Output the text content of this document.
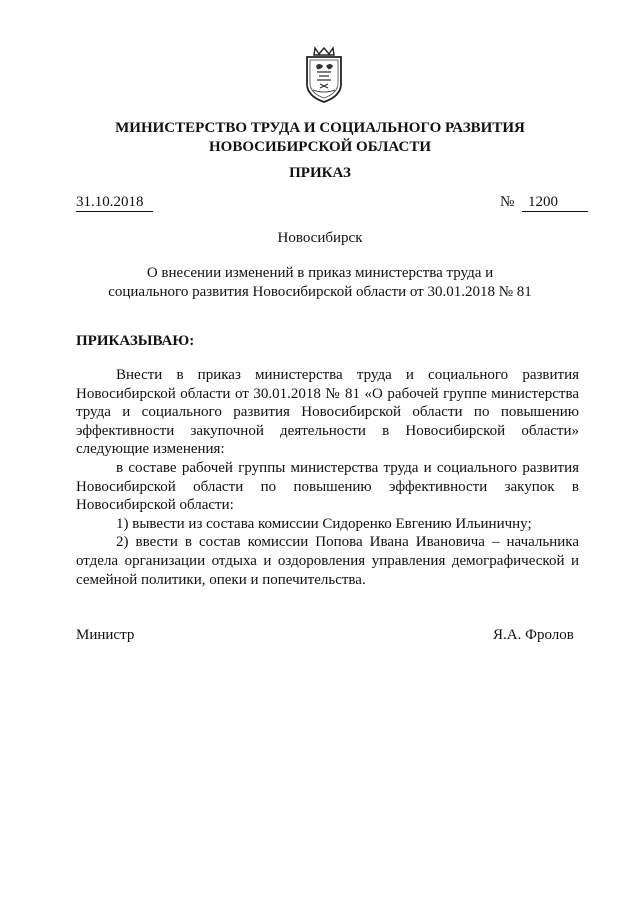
МИНИСТЕРСТВО ТРУДА И СОЦИАЛЬНОГО РАЗВИТИЯ
НОВОСИБИРСКОЙ ОБЛАСТИ
ПРИКАЗ
31.10.2018	№ 1200
Новосибирск
О внесении изменений в приказ министерства труда и
социального развития Новосибирской области от 30.01.2018 № 81
ПРИКАЗЫВАЮ:

Внести в приказ министерства труда и социального развития Новосибирской области от 30.01.2018 № 81 «О рабочей группе министерства труда и социального развития Новосибирской области по повышению эффективности закупочной деятельности в Новосибирской области» следующие изменения:

в составе рабочей группы министерства труда и социального развития Новосибирской области по повышению эффективности закупок в Новосибирской области:

1) вывести из состава комиссии Сидоренко Евгению Ильиничну;

2) ввести в состав комиссии Попова Ивана Ивановича – начальника отдела организации отдыха и оздоровления управления демографической и семейной политики, опеки и попечительства.

Министр	Я.А. Фролов
